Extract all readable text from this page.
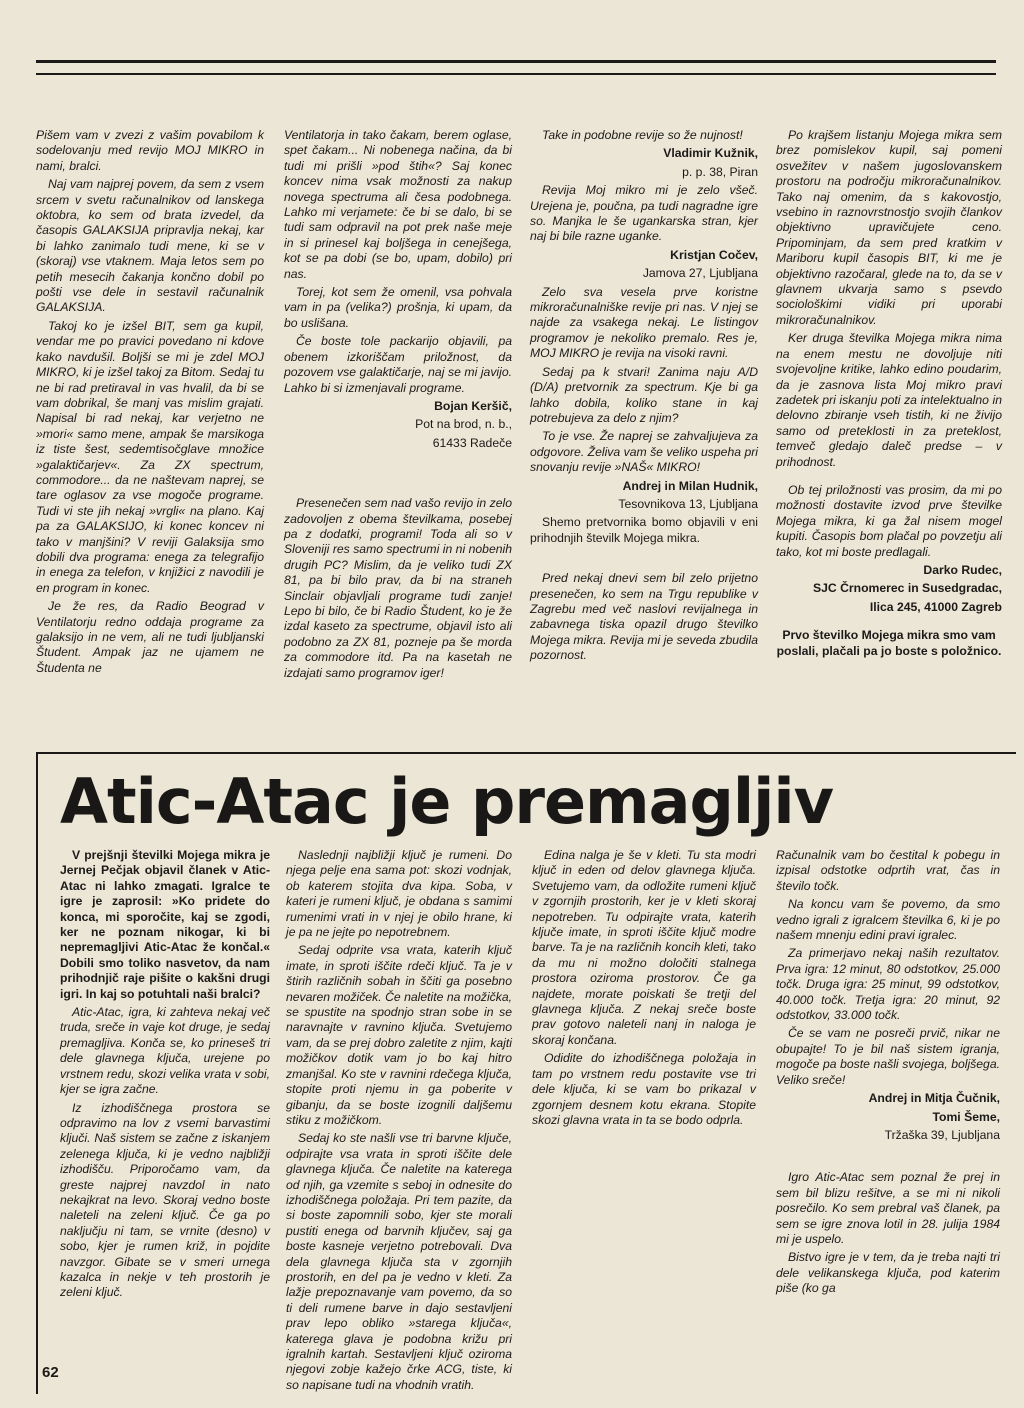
Pišem vam v zvezi z vašim povabilom k sodelovanju med revijo MOJ MIKRO in nami, bralci.

Naj vam najprej povem, da sem z vsem srcem v svetu računalnikov od lanskega oktobra, ko sem od brata izvedel, da časopis GALAKSIJA pripravlja nekaj, kar bi lahko zanimalo tudi mene, ki se v (skoraj) vse vtaknem. Maja letos sem po petih mesecih čakanja končno dobil po pošti vse dele in sestavil računalnik GALAKSIJA.

Takoj ko je izšel BIT, sem ga kupil, vendar me po pravici povedano ni kdove kako navdušil. Boljši se mi je zdel MOJ MIKRO, ki je izšel takoj za Bitom. Sedaj tu ne bi rad pretiraval in vas hvalil, da bi se vam dobrikal, še manj vas mislim grajati. Napisal bi rad nekaj, kar verjetno ne »mori« samo mene, ampak še marsikoga iz tiste šest, sedemtisočglave množice »galaktičarjev«. Za ZX spectrum, commodore... da ne naštevam naprej, se tare oglasov za vse mogoče programe. Tudi vi ste jih nekaj »vrgli« na plano. Kaj pa za GALAKSIJO, ki konec koncev ni tako v manjšini? V reviji Galaksija smo dobili dva programa: enega za telegrafijo in enega za telefon, v knjižici z navodili je en program in konec.

Je že res, da Radio Beograd v Ventilatorju redno oddaja programe za galaksijo in ne vem, ali ne tudi ljubljanski Študent. Ampak jaz ne ujamem ne Študenta ne

Ventilatorja in tako čakam, berem oglase, spet čakam... Ni nobenega načina, da bi tudi mi prišli »pod štih«? Saj konec koncev nima vsak možnosti za nakup novega spectruma ali česa podobnega. Lahko mi verjamete: če bi se dalo, bi se tudi sam odpravil na pot prek naše meje in si prinesel kaj boljšega in cenejšega, kot se pa dobi (se bo, upam, dobilo) pri nas.

Torej, kot sem že omenil, vsa pohvala vam in pa (velika?) prošnja, ki upam, da bo uslišana.

Če boste tole packarijo objavili, pa obenem izkoriščam priložnost, da pozovem vse galaktičarje, naj se mi javijo. Lahko bi si izmenjavali programe.

Bojan Keršič,

Pot na brod, n. b.,

61433 Radeče

Presenečen sem nad vašo revijo in zelo zadovoljen z obema številkama, posebej pa z dodatki, programi! Toda ali so v Sloveniji res samo spectrumi in ni nobenih drugih PC? Mislim, da je veliko tudi ZX 81, pa bi bilo prav, da bi na straneh Sinclair objavljali programe tudi zanje! Lepo bi bilo, če bi Radio Študent, ko je že izdal kaseto za spectrume, objavil isto ali podobno za ZX 81, pozneje pa še morda za commodore itd. Pa na kasetah ne izdajati samo programov iger!

Take in podobne revije so že nujnost!

Vladimir Kužnik,

p. p. 38, Piran

Revija Moj mikro mi je zelo všeč. Urejena je, poučna, pa tudi nagradne igre so. Manjka le še ugankarska stran, kjer naj bi bile razne uganke.

Kristjan Cočev,

Jamova 27, Ljubljana

Zelo sva vesela prve koristne mikroračunalniške revije pri nas. V njej se najde za vsakega nekaj. Le listingov programov je nekoliko premalo. Res je, MOJ MIKRO je revija na visoki ravni.

Sedaj pa k stvari! Zanima naju A/D (D/A) pretvornik za spectrum. Kje bi ga lahko dobila, koliko stane in kaj potrebujeva za delo z njim?

To je vse. Že naprej se zahvaljujeva za odgovore. Želiva vam še veliko uspeha pri snovanju revije »NAŠ« MIKRO!

Andrej in Milan Hudnik,

Tesovnikova 13, Ljubljana

Shemo pretvornika bomo objavili v eni prihodnjih številk Mojega mikra.

Pred nekaj dnevi sem bil zelo prijetno presenečen, ko sem na Trgu republike v Zagrebu med več naslovi revijalnega in zabavnega tiska opazil drugo številko Mojega mikra. Revija mi je seveda zbudila pozornost.

Po krajšem listanju Mojega mikra sem brez pomislekov kupil, saj pomeni osvežitev v našem jugoslovanskem prostoru na področju mikroračunalnikov. Tako naj omenim, da s kakovostjo, vsebino in raznovrstnostjo svojih člankov objektivno upravičujete ceno. Pripominjam, da sem pred kratkim v Mariboru kupil časopis BIT, ki me je objektivno razočaral, glede na to, da se v glavnem ukvarja samo s psevdo sociološkimi vidiki pri uporabi mikroračunalnikov.

Ker druga številka Mojega mikra nima na enem mestu ne dovoljuje niti svojevoljne kritike, lahko edino poudarim, da je zasnova lista Moj mikro pravi zadetek pri iskanju poti za intelektualno in delovno zbiranje vseh tistih, ki ne živijo samo od preteklosti in za preteklost, temveč gledajo dalеč predse – v prihodnost.

Ob tej priložnosti vas prosim, da mi po možnosti dostavite izvod prve številke Mojega mikra, ki ga žal nisem mogel kupiti. Časopis bom plačal po povzetju ali tako, kot mi boste predlagali.

Darko Rudec,

SJC Črnomerec in Susedgradac,

Ilica 245, 41000 Zagreb

Prvo številko Mojega mikra smo vam poslali, plačali pa jo boste s položnico.

Atic-Atac je premagljiv

V prejšnji številki Mojega mikra je Jernej Pečjak objavil članek v Atic-Atac ni lahko zmagati. Igralce te igre je zaprosil: »Ko pridete do konca, mi sporočite, kaj se zgodi, ker ne poznam nikogar, ki bi nepremagljivi Atic-Atac že končal.« Dobili smo toliko nasvetov, da nam prihodnjič raje pišite o kakšni drugi igri. In kaj so potuhtali naši bralci?

Atic-Atac, igra, ki zahteva nekaj več truda, sreče in vaje kot druge, je sedaj premagljiva. Konča se, ko prineseš tri dele glavnega ključa, urejene po vrstnem redu, skozi velika vrata v sobi, kjer se igra začne.

Iz izhodiščnega prostora se odpravimo na lov z vsemi barvastimi ključi. Naš sistem se začne z iskanjem zelenega ključa, ki je vedno najbližji izhodišču. Priporočamo vam, da greste najprej navzdol in nato nekajkrat na levo. Skoraj vedno boste naleteli na zeleni ključ. Če ga po naključju ni tam, se vrnite (desno) v sobo, kjer je rumen križ, in pojdite navzgor. Gibate se v smeri urnega kazalca in nekje v teh prostorih je zeleni ključ.

Naslednji najbližji ključ je rumeni. Do njega pelje ena sama pot: skozi vodnjak, ob katerem stojita dva kipa. Soba, v kateri je rumeni ključ, je obdana s samimi rumenimi vrati in v njej je obilo hrane, ki je pa ne jejte po nepotrebnem.

Sedaj odprite vsa vrata, katerih ključ imate, in sproti iščite rdeči ključ. Ta je v štirih različnih sobah in ščiti ga posebno nevaren možiček. Če naletite na možička, se spustite na spodnjo stran sobe in se naravnajte v ravnino ključa. Svetujemo vam, da se prej dobro zaletite z njim, kajti možičkov dotik vam jo bo kaj hitro zmanjšal. Ko ste v ravnini rdečega ključa, stopite proti njemu in ga poberite v gibanju, da se boste izognili daljšemu stiku z možičkom.

Sedaj ko ste našli vse tri barvne ključe, odpirajte vsa vrata in sproti iščite dele glavnega ključa. Če naletite na katerega od njih, ga vzemite s seboj in odnesite do izhodiščnega položaja. Pri tem pazite, da si boste zapomnili sobo, kjer ste morali pustiti enega od barvnih ključev, saj ga boste kasneje verjetno potrebovali. Dva dela glavnega ključa sta v zgornjih prostorih, en del pa je vedno v kleti. Za lažje prepoznavanje vam povemo, da so ti deli rumene barve in dajo sestavljeni prav lepo obliko »starega ključa«, katerega glava je podobna križu pri igralnih kartah. Sestavljeni ključ oziroma njegovi zobje kažejo črke ACG, tiste, ki so napisane tudi na vhodnih vratih.

Edina nalga je še v kleti. Tu sta modri ključ in eden od delov glavnega ključa. Svetujemo vam, da odložite rumeni ključ v zgornjih prostorih, ker je v kleti skoraj nepotreben. Tu odpirajte vrata, katerih ključe imate, in sproti iščite ključ modre barve. Ta je na različnih koncih kleti, tako da mu ni možno določiti stalnega prostora oziroma prostorov. Če ga najdete, morate poiskati še tretji del glavnega ključa. Z nekaj sreče boste prav gotovo naleteli nanj in naloga je skoraj končana.

Odidite do izhodiščnega položaja in tam po vrstnem redu postavite vse tri dele ključa, ki se vam bo prikazal v zgornjem desnem kotu ekrana. Stopite skozi glavna vrata in ta se bodo odprla.

Računalnik vam bo čestital k pobegu in izpisal odstotke odprtih vrat, čas in število točk.

Na koncu vam še povemo, da smo vedno igrali z igralcem številka 6, ki je po našem mnenju edini pravi igralec.

Za primerjavo nekaj naših rezultatov. Prva igra: 12 minut, 80 odstotkov, 25.000 točk. Druga igra: 25 minut, 99 odstotkov, 40.000 točk. Tretja igra: 20 minut, 92 odstotkov, 33.000 točk.

Če se vam ne posreči prvič, nikar ne obupajte! To je bil naš sistem igranja, mogoče pa boste našli svojega, boljšega. Veliko sreče!

Andrej in Mitja Čučnik,

Tomi Šeme,

Tržaška 39, Ljubljana

Igro Atic-Atac sem poznal že prej in sem bil blizu rešitve, a se mi ni nikoli posrečilo. Ko sem prebral vaš članek, pa sem se igre znova lotil in 28. julija 1984 mi je uspelo.

Bistvo igre je v tem, da je treba najti tri dele velikanskega ključa, pod katerim piše (ko ga

62
